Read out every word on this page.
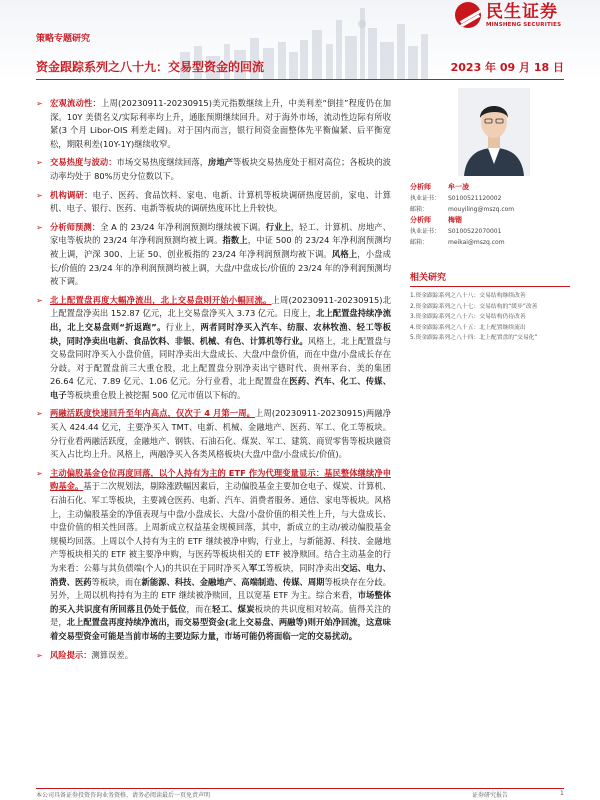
策略专题研究
民生证券
MINSHENG SECURITIES
资金跟踪系列之八十九：交易型资金的回流	2023 年 09 月 18 日
➢ 宏观流动性：上周(20230911-20230915)美元指数继续上升，中美利差“倒挂”程度仍在加深。10Y 美债名义/实际利率均上升，通胀预期继续回升。对于海外市场，流动性边际有所收紧(3 个月 Libor-OIS 利差走阔)。对于国内而言，银行间资金面整体先平衡偏紧、后平衡宽松，期限利差(10Y-1Y)继续收窄。
➢ 交易热度与波动：市场交易热度继续回落，房地产等板块交易热度处于相对高位；各板块的波动率均处于 80%历史分位数以下。
➢ 机构调研：电子、医药、食品饮料、家电、电新、计算机等板块调研热度居前，家电、计算机、电子、银行、医药、电新等板块的调研热度环比上升较快。
➢ 分析师预测：全 A 的 23/24 年净利润预测均继续被下调。行业上，轻工、计算机、房地产、家电等板块的 23/24 年净利润预测均被上调。指数上，中证 500 的 23/24 年净利润预测均被上调，沪深 300、上证 50、创业板指的 23/24 年净利润预测均被下调。风格上，小盘成长/价值的 23/24 年的净利润预测均被上调，大盘/中盘成长/价值的 23/24 年的净利润预测均被下调。
➢ 北上配置盘再度大幅净流出，北上交易盘则开始小幅回流。上周(20230911-20230915)北上配置盘净卖出 152.87 亿元，北上交易盘净买入 3.73 亿元。日度上，北上配置盘持续净流出，北上交易盘则“折返跑”。行业上，两者同时净买入汽车、纺服、农林牧渔、轻工等板块，同时净卖出电新、食品饮料、非银、机械、有色、计算机等行业。风格上，北上配置盘与交易盘同时净买入小盘价值，同时净卖出大盘成长、大盘/中盘价值，而在中盘/小盘成长存在分歧。对于配置盘前三大重仓股，北上配置盘分别净卖出宁德时代、贵州茅台、美的集团 26.64 亿元、7.89 亿元、1.06 亿元。分行业看，北上配置盘在医药、汽车、化工、传媒、电子等板块重仓股上被挖掘 500 亿元市值以下标的。
➢ 两融活跃度快速回升至年内高点，仅次于 4 月第一周。上周(20230911-20230915)两融净买入 424.44 亿元，主要净买入 TMT、电新、机械、金融地产、医药、军工、化工等板块。分行业看两融活跃度，金融地产、钢铁、石油石化、煤炭、军工、建筑、商贸零售等板块融资买入占比均上升。风格上，两融净买入各类风格板块(大盘/中盘/小盘成长/价值)。
➢ 主动偏股基金仓位再度回落，以个人持有为主的 ETF 作为代理变量显示：基民整体继续净申购基金。基于二次规划法，剔除涨跌幅因素后，主动偏股基金主要加仓电子、煤炭、计算机、石油石化、军工等板块，主要减仓医药、电新、汽车、消费者服务、通信、家电等板块。风格上，主动偏股基金的净值表现与中盘/小盘成长、大盘/小盘价值的相关性上升，与大盘成长、中盘价值的相关性回落。上周新成立权益基金规模回落，其中，新成立的主动/被动偏股基金规模均回落。上周以个人持有为主的 ETF 继续被净申购，行业上，与新能源、科技、金融地产等板块相关的 ETF 被主要净申购，与医药等板块相关的 ETF 被净赎回。结合主动基金的行为来看：公募与其负债端(个人)的共识在于同时净买入军工等板块，同时净卖出交运、电力、消费、医药等板块，而在新能源、科技、金融地产、高端制造、传媒、周期等板块存在分歧。另外，上周以机构持有为主的 ETF 继续被净赎回，且以宽基 ETF 为主。综合来看，市场整体的买入共识度有所回落且仍处于低位，而在轻工、煤炭板块的共识度相对较高。值得关注的是，北上配置盘再度持续净流出，而交易型资金(北上交易盘、两融等)则开始净回流，这意味着交易型资金可能是当前市场的主要边际力量，市场可能仍将面临一定的交易扰动。
➢ 风险提示：测算误差。
分析师	牟一凌
执业证书：	S0100521120002
邮箱：	mouyiling@mszq.com
分析师	梅锴
执业证书：	S0100522070001
邮箱：	meikai@mszq.com
相关研究
1.资金跟踪系列之八十八：交易结构继续改善
2.资金跟踪系列之八十七：交易结构的“缓步”改善
3.资金跟踪系列之八十六：交易结构仍待改善
4.资金跟踪系列之八十五：北上配置继续流出
5.资金跟踪系列之八十四：北上配置盘的“交易化”
本公司具备证券投资咨询业务资格，请务必阅读最后一页免责声明	证券研究报告	1
